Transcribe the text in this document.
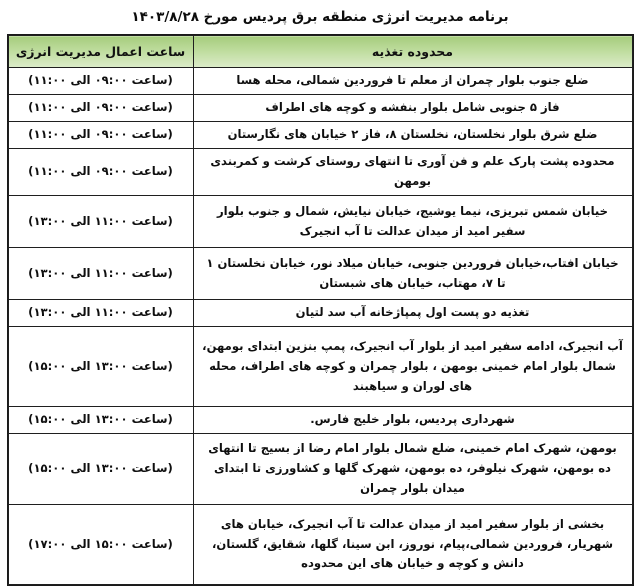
برنامه مدیریت انرژی منطقه برق پردیس مورخ ۱۴۰۳/۸/۲۸
محدوده تغذیه	ساعت اعمال مدیریت انرژی
ضلع جنوب بلوار چمران از معلم تا فروردین شمالی، محله هسا	(ساعت ۰۹:۰۰ الی ۱۱:۰۰)
فاز ۵ جنوبی شامل بلوار بنفشه و کوچه های اطراف	(ساعت ۰۹:۰۰ الی ۱۱:۰۰)
ضلع شرق بلوار نخلستان، نخلستان ۸، فاز ۲ خیابان های نگارستان	(ساعت ۰۹:۰۰ الی ۱۱:۰۰)
محدوده پشت پارک علم و فن آوری تا انتهای روستای کرشت و کمربندی بومهن	(ساعت ۰۹:۰۰ الی ۱۱:۰۰)
خیابان شمس تبریزی، نیما یوشیج، خیابان نیایش، شمال و جنوب بلوار سفیر امید از میدان عدالت تا آب انجیرک	(ساعت ۱۱:۰۰ الی ۱۳:۰۰)
خیابان افتاب،خیابان فروردین جنوبی، خیابان میلاد نور، خیابان نخلستان ۱ تا ۷، مهتاب، خیابان های شبستان	(ساعت ۱۱:۰۰ الی ۱۳:۰۰)
تغذیه دو پست اول پمپاژخانه آب سد لتیان	(ساعت ۱۱:۰۰ الی ۱۳:۰۰)
آب انجیرک، ادامه سفیر امید از بلوار آب انجیرک، پمپ بنزین ابتدای بومهن، شمال بلوار امام خمینی بومهن ، بلوار چمران و کوچه های اطراف، محله های لوران و سیاهبند	(ساعت ۱۳:۰۰ الی ۱۵:۰۰)
شهرداری پردیس، بلوار خلیج فارس.	(ساعت ۱۳:۰۰ الی ۱۵:۰۰)
بومهن، شهرک امام خمینی، ضلع شمال بلوار امام رضا از بسیج تا انتهای ده بومهن، شهرک نیلوفر، ده بومهن، شهرک گلها و کشاورزی تا ابتدای میدان بلوار چمران	(ساعت ۱۳:۰۰ الی ۱۵:۰۰)
بخشی از بلوار سفیر امید از میدان عدالت تا آب انجیرک، خیابان های شهریار، فروردین شمالی،پیام، نوروز، ابن سینا، گلها، شقایق، گلستان، دانش و کوچه و خیابان های این محدوده	(ساعت ۱۵:۰۰ الی ۱۷:۰۰)
